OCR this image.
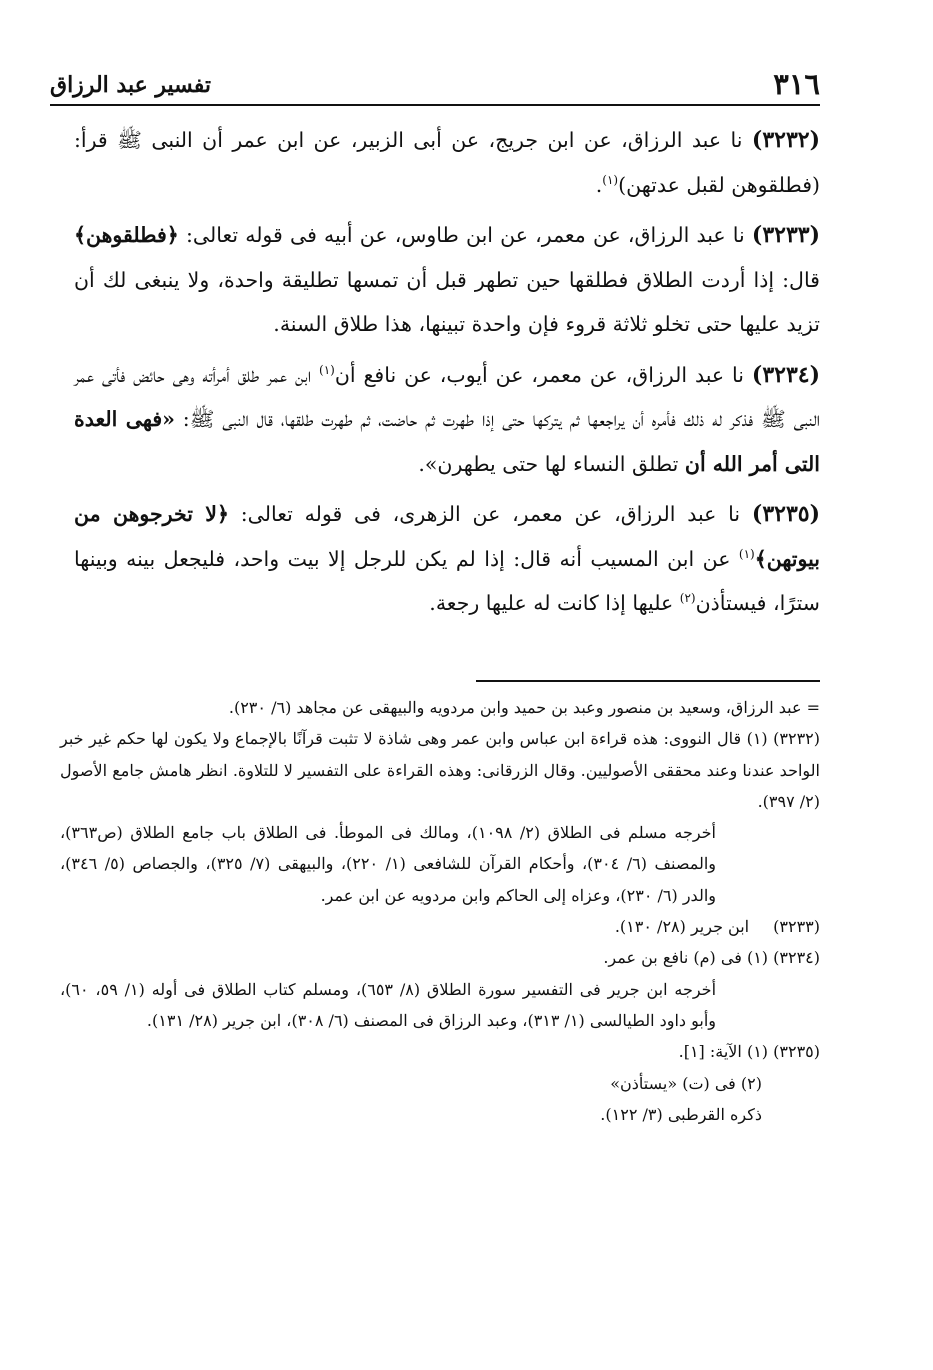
٣١٦
تفسير عبد الرزاق

(٣٢٣٢) نا عبد الرزاق، عن ابن جريج، عن أبى الزبير، عن ابن عمر أن النبى ﷺ قرأ: (فطلقوهن لقبل عدتهن)$^{(١)}$.

(٣٢٣٣) نا عبد الرزاق، عن معمر، عن ابن طاوس، عن أبيه فى قوله تعالى: ﴿فطلقوهن﴾ قال: إذا أردت الطلاق فطلقها حين تطهر قبل أن تمسها تطليقة واحدة، ولا ينبغى لك أن تزيد عليها حتى تخلو ثلاثة قروء فإن واحدة تبينها، هذا طلاق السنة.

(٣٢٣٤) نا عبد الرزاق، عن معمر، عن أيوب، عن نافع أن$^{(١)}$ ابن عمر طلق أمرأته وهى حائض فأتى عمر النبى ﷺ فذكر له ذلك فأمره أن يراجعها ثم يتركها حتى إذا طهرت ثم حاضت، ثم طهرت طلقها، قال النبى ﷺ: «فهى العدة التى أمر الله أن تطلق النساء لها حتى يطهرن».

(٣٢٣٥) نا عبد الرزاق، عن معمر، عن الزهرى، فى قوله تعالى: ﴿لا تخرجوهن من بيوتهن﴾$^{(١)}$ عن ابن المسيب أنه قال: إذا لم يكن للرجل إلا بيت واحد، فليجعل بينه وبينها سترًا، فيستأذن$^{(٢)}$ عليها إذا كانت له عليها رجعة.

= عبد الرزاق، وسعيد بن منصور وعبد بن حميد وابن مردويه والبيهقى عن مجاهد (٦/ ٢٣٠).

(٣٢٣٢) (١) قال النووى: هذه قراءة ابن عباس وابن عمر وهى شاذة لا تثبت قرآنًا بالإجماع ولا يكون لها حكم غير خبر الواحد عندنا وعند محققى الأصوليين. وقال الزرقانى: وهذه القراءة على التفسير لا للتلاوة. انظر هامش جامع الأصول (٢/ ٣٩٧).

أخرجه مسلم فى الطلاق (٢/ ١٠٩٨)، ومالك فى الموطأ. فى الطلاق باب جامع الطلاق (ص٣٦٣)، والمصنف (٦/ ٣٠٤)، وأحكام القرآن للشافعى (١/ ٢٢٠)، والبيهقى (٧/ ٣٢٥)، والجصاص (٥/ ٣٤٦)، والدر (٦/ ٢٣٠)، وعزاه إلى الحاكم وابن مردويه عن ابن عمر.

(٣٢٣٣)ابن جرير (٢٨/ ١٣٠).

(٣٢٣٤) (١) فى (م) نافع بن عمر.

أخرجه ابن جرير فى التفسير سورة الطلاق (٨/ ٦٥٣)، ومسلم كتاب الطلاق فى أوله (١/ ٥٩، ٦٠)، وأبو داود الطيالسى (١/ ٣١٣)، وعبد الرزاق فى المصنف (٦/ ٣٠٨)، ابن جرير (٢٨/ ١٣١).

(٣٢٣٥) (١) الآية: [١].

(٢) فى (ت) «يستأذن»

ذكره القرطبى (٣/ ١٢٢).
